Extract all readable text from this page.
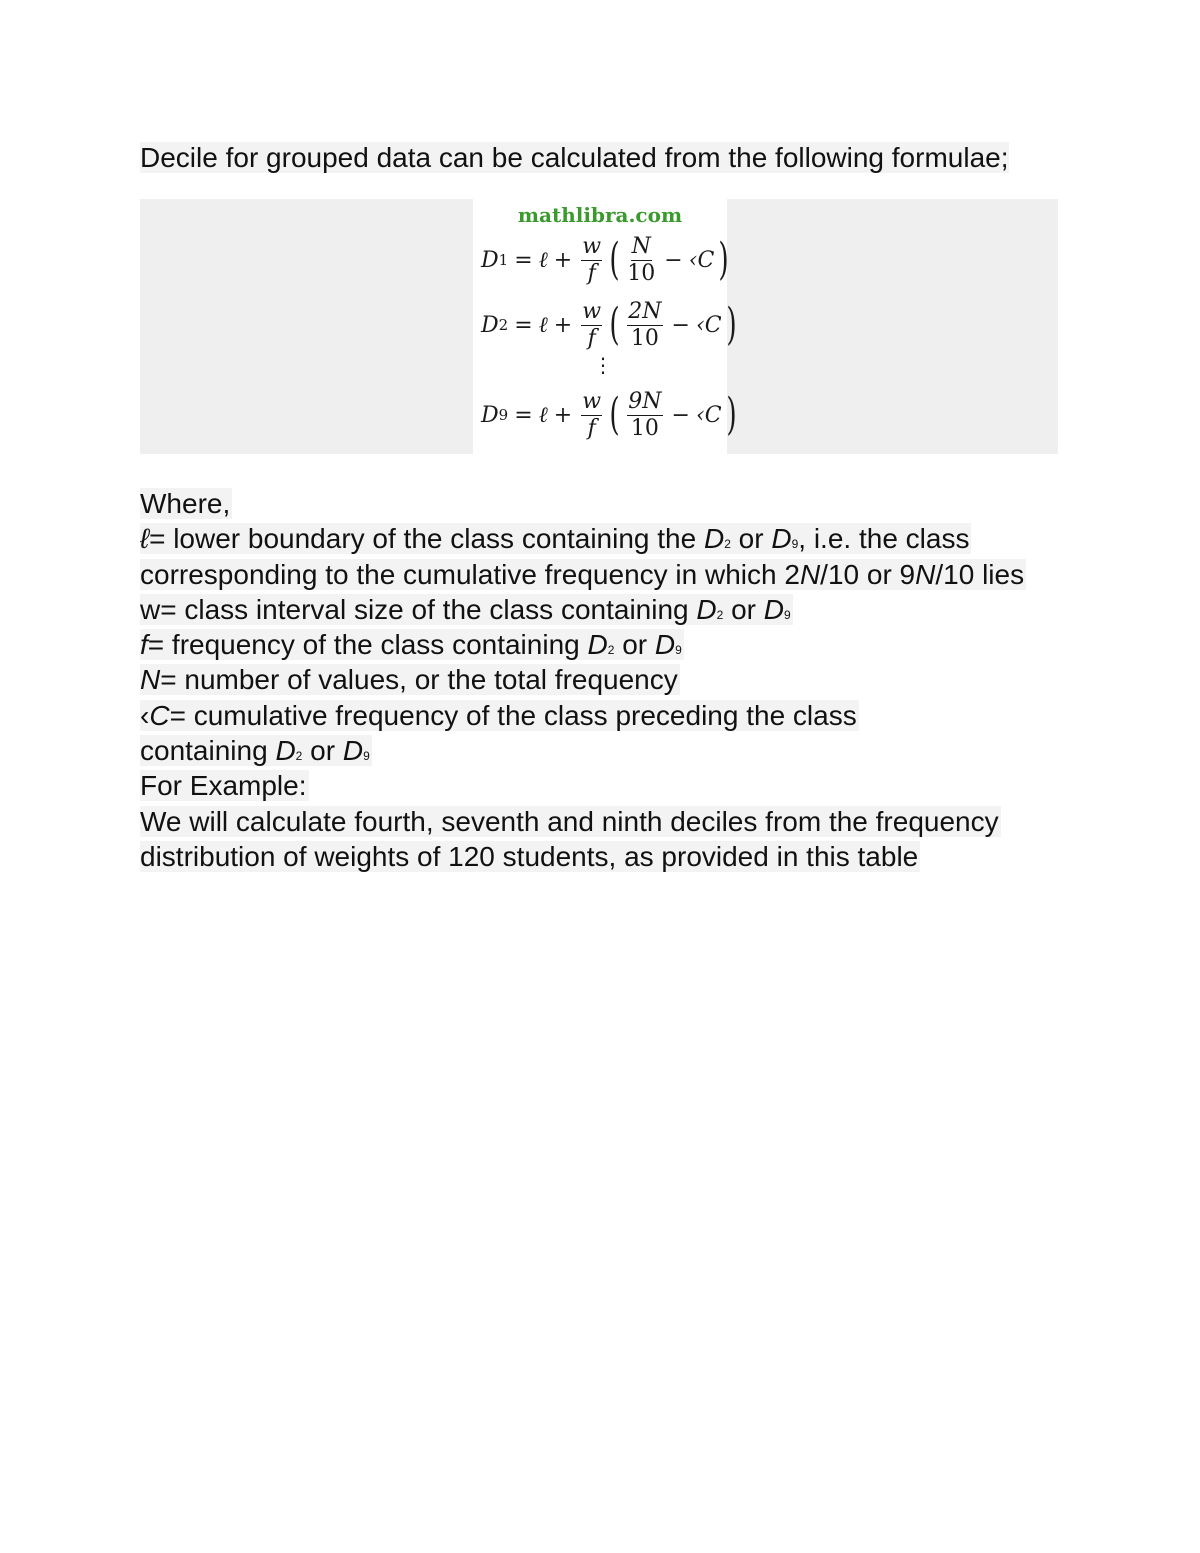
Decile for grouped data can be calculated from the following formulae;
mathlibra.com
D 1 = ℓ + $\frac{w}{f}$ ( $\frac{N}{10}$ − ‹C )
D 2 = ℓ + $\frac{w}{f}$ ( $\frac{2N}{10}$ − ‹C )
⋮
D 9 = ℓ + $\frac{w}{f}$ ( $\frac{9N}{10}$ − ‹C )
Where,
ℓ= lower boundary of the class containing the D2 or D9, i.e. the class
corresponding to the cumulative frequency in which 2N/10 or 9N/10 lies
w= class interval size of the class containing D2 or D9
f= frequency of the class containing D2 or D9
N= number of values, or the total frequency
‹C= cumulative frequency of the class preceding the class
containing D2 or D9
For Example:
We will calculate fourth, seventh and ninth deciles from the frequency
distribution of weights of 120 students, as provided in this table
